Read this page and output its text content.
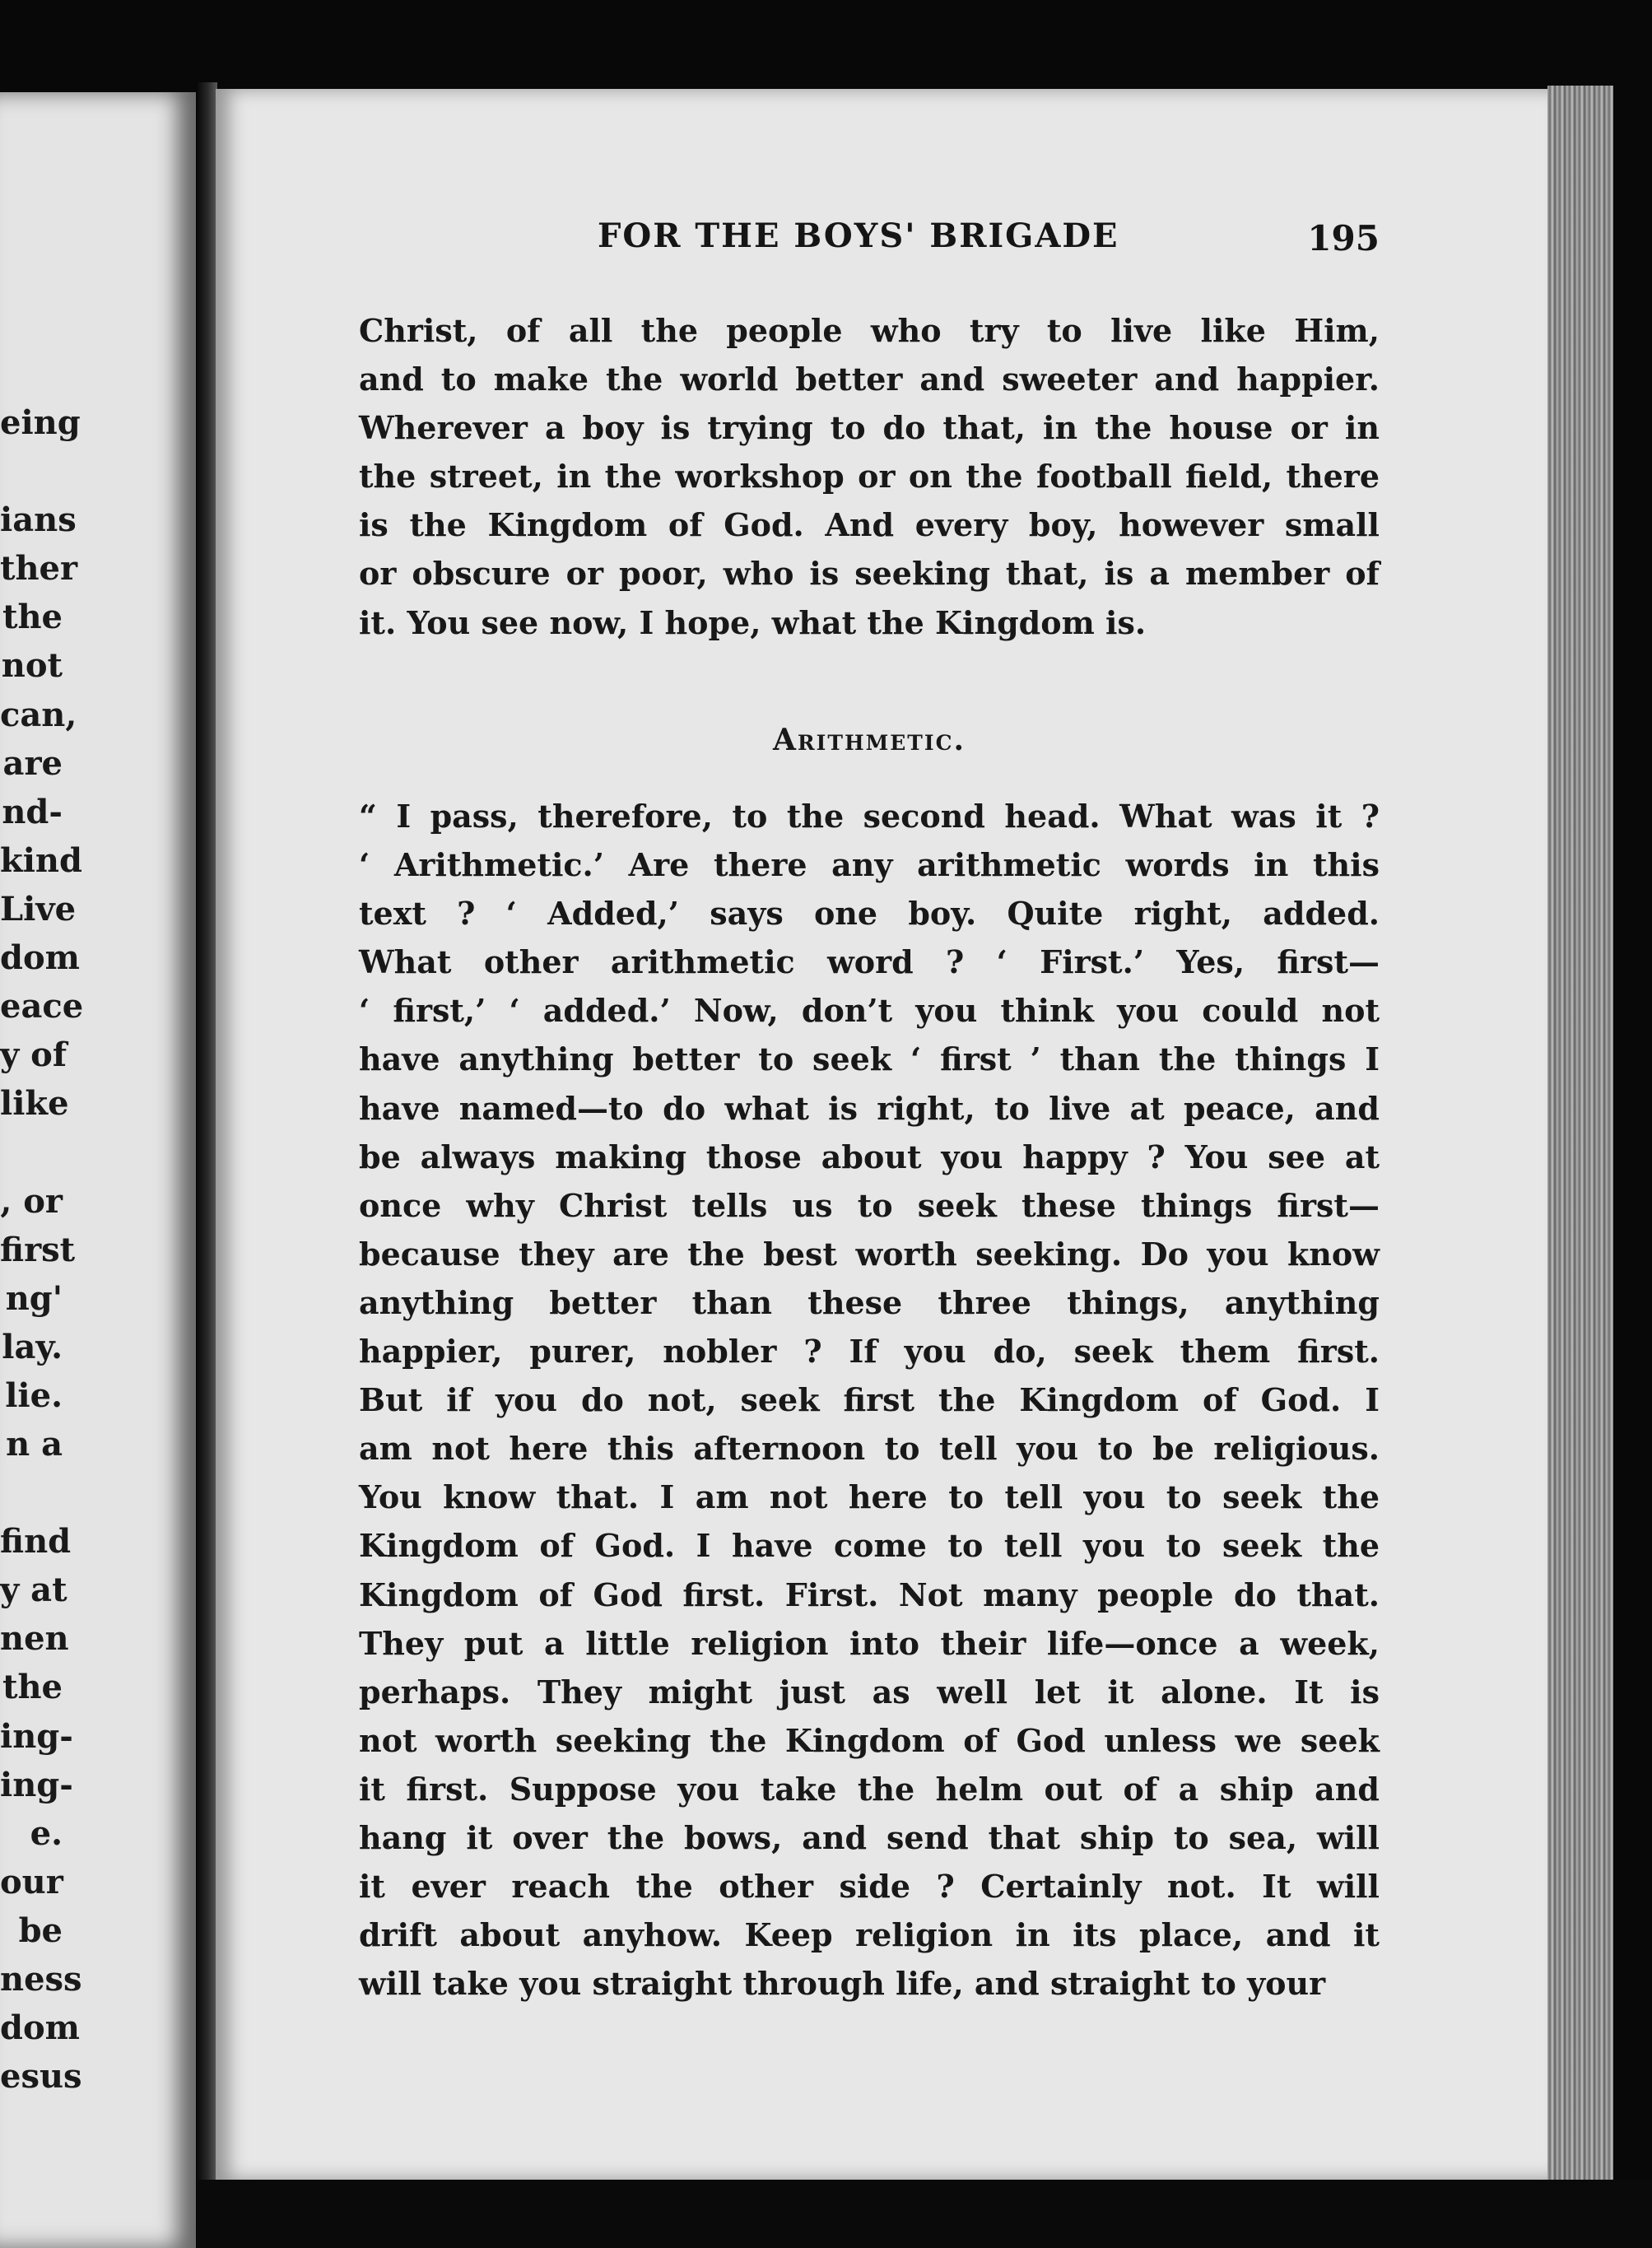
eing
ians
ther
the
not
can,
are
nd-
kind
Live
dom
eace
y of
like
, or
first
ng'
lay.
lie.
n a
find
y at
nen
the
ing-
ing-
e.
our
be
ness
dom
esus
FOR THE BOYS' BRIGADE	195
Christ, of all the people who try to live like Him,
and to make the world better and sweeter and happier.
Wherever a boy is trying to do that, in the house or in
the street, in the workshop or on the football field, there
is the Kingdom of God. And every boy, however small
or obscure or poor, who is seeking that, is a member of
it. You see now, I hope, what the Kingdom is.
Arithmetic.
“ I pass, therefore, to the second head. What was it ?
‘ Arithmetic.’ Are there any arithmetic words in this
text ? ‘ Added,’ says one boy. Quite right, added.
What other arithmetic word ? ‘ First.’ Yes, first—
‘ first,’ ‘ added.’ Now, don’t you think you could not
have anything better to seek ‘ first ’ than the things I
have named—to do what is right, to live at peace, and
be always making those about you happy ? You see at
once why Christ tells us to seek these things first—
because they are the best worth seeking. Do you know
anything better than these three things, anything
happier, purer, nobler ? If you do, seek them first.
But if you do not, seek first the Kingdom of God. I
am not here this afternoon to tell you to be religious.
You know that. I am not here to tell you to seek the
Kingdom of God. I have come to tell you to seek the
Kingdom of God first. First. Not many people do that.
They put a little religion into their life—once a week,
perhaps. They might just as well let it alone. It is
not worth seeking the Kingdom of God unless we seek
it first. Suppose you take the helm out of a ship and
hang it over the bows, and send that ship to sea, will
it ever reach the other side ? Certainly not. It will
drift about anyhow. Keep religion in its place, and it
will take you straight through life, and straight to your
